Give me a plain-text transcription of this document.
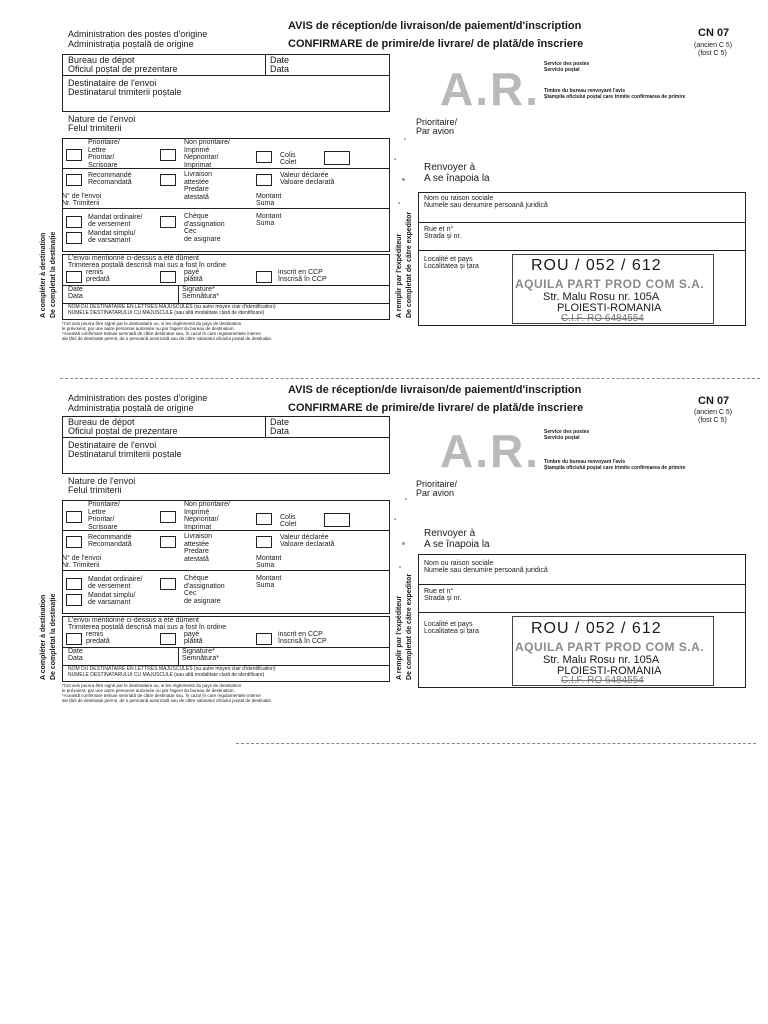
Administration des postes d'origine
Administrația poștală de origine
AVIS de réception/de livraison/de paiement/d'inscription
CONFIRMARE de primire/de livrare/ de plată/de înscriere
CN 07
(ancien C 5)
(fost C 5)
Bureau de dépot
Oficiul poștal de prezentare
Date
Data
Destinataire de l'envoi
Destinatarul trimiterii poștale	A.R. Service des postes
Serviciu poștal
Timbre du bureau renvoyant l'avis
Ștampila oficiului poștal care trimite confirmarea de primire
Nature de l'envoi
Felul trimiterii
Prioritaire/
Lettre
Prioritar/
Scrisoare
Non prioritaire/
Imprimé
Neprioritar/
Imprimat
Colis
Colet
Recommandé
Recomandată
Livraison
attestée
Predare
atestată
Valeur déclarée
Valoare declarată
N° de l'envoi
Nr. Trimiterii
Montant
Suma
Mandat ordinaire/
de versement
Mandat simplu/
de varsamant
Chèque
d'assignation
Cec
de asignare
Montant
Suma
L'envoi mentionné ci-dessus a été dûment
Trimiterea poștală descrisă mai sus a fost în ordine
remis
predată
payé
plătită
inscrit en CCP
înscrisă în CCP
Date
Data
Signature*
Semnătura*
NOM DU DESTINATAIRE EN LETTRES MAJUSCULES (ou autre moyen clair d'identification)
NUMELE DESTINATARULUI CU MAJUSCULE (sau altă modalitate clară de identificare)
*Cet avis pourra être signé par le destinataire ou, si les règlements du pays de destination
le prévoient, par une autre personne autorisée ou par l'agent du bureau de destination.
*Această confirmare trebuie semnată de către destinatar sau, în cazul în care regulamentele interne
ale țării de destinație permit, de o persoană autorizată sau de către salariatul oficiului poștal de destinație.
A compléter à destination De completat la destinație
Prioritaire/
Par avion
Renvoyer à
A se înapoia la
A remplir par l'expéditeur De completat de către expeditor
Nom ou raison sociale
Numele sau denumire persoană juridică
Rue et n°
Strada și nr.
Localité et pays
Localitatea și țara	ROU / 052 / 612
AQUILA PART PROD COM S.A.
Str. Malu Rosu nr. 105A
PLOIESTI-ROMANIA
C.I.F. RO 6484554
Administration des postes d'origine
Administrația poștală de origine
AVIS de réception/de livraison/de paiement/d'inscription
CONFIRMARE de primire/de livrare/ de plată/de înscriere
CN 07
(ancien C 5)
(fost C 5)
Bureau de dépot
Oficiul poștal de prezentare
Date
Data
Destinataire de l'envoi
Destinatarul trimiterii poștale	A.R. Service des postes
Serviciu poștal
Timbre du bureau renvoyant l'avis
Ștampila oficiului poștal care trimite confirmarea de primire
Nature de l'envoi
Felul trimiterii
Prioritaire/
Lettre
Prioritar/
Scrisoare
Non prioritaire/
Imprimé
Neprioritar/
Imprimat
Colis
Colet
Recommandé
Recomandată
Livraison
attestée
Predare
atestată
Valeur déclarée
Valoare declarată
N° de l'envoi
Nr. Trimiterii
Montant
Suma
Mandat ordinaire/
de versement
Mandat simplu/
de varsamant
Chèque
d'assignation
Cec
de asignare
Montant
Suma
L'envoi mentionné ci-dessus a été dûment
Trimiterea poștală descrisă mai sus a fost în ordine
remis
predată
payé
plătită
inscrit en CCP
înscrisă în CCP
Date
Data
Signature*
Semnătura*
NOM DU DESTINATAIRE EN LETTRES MAJUSCULES (ou autre moyen clair d'identification)
NUMELE DESTINATARULUI CU MAJUSCULE (sau altă modalitate clară de identificare)
*Cet avis pourra être signé par le destinataire ou, si les règlements du pays de destination
le prévoient, par une autre personne autorisée ou par l'agent du bureau de destination.
*Această confirmare trebuie semnată de către destinatar sau, în cazul în care regulamentele interne
ale țării de destinație permit, de o persoană autorizată sau de către salariatul oficiului poștal de destinație.
A compléter à destination De completat la destinație
Prioritaire/
Par avion
Renvoyer à
A se înapoia la
A remplir par l'expéditeur De completat de către expeditor
Nom ou raison sociale
Numele sau denumire persoană juridică
Rue et n°
Strada și nr.
Localité et pays
Localitatea și țara	ROU / 052 / 612
AQUILA PART PROD COM S.A.
Str. Malu Rosu nr. 105A
PLOIESTI-ROMANIA
C.I.F. RO 6484554
